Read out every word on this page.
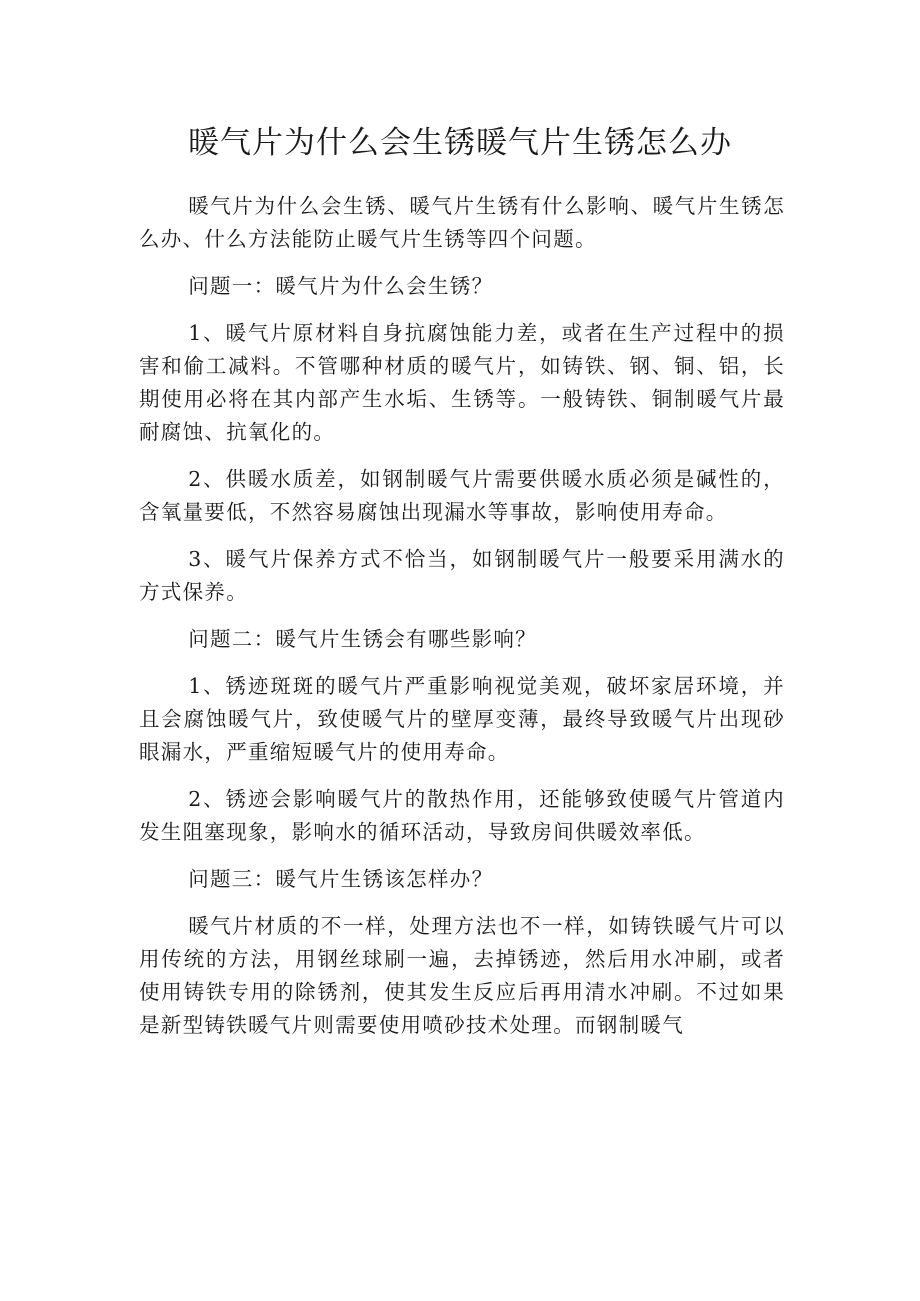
暖气片为什么会生锈暖气片生锈怎么办

暖气片为什么会生锈、暖气片生锈有什么影响、暖气片生锈怎么办、什么方法能防止暖气片生锈等四个问题。

问题一：暖气片为什么会生锈？

1、暖气片原材料自身抗腐蚀能力差，或者在生产过程中的损害和偷工减料。不管哪种材质的暖气片，如铸铁、钢、铜、铝，长期使用必将在其内部产生水垢、生锈等。一般铸铁、铜制暖气片最耐腐蚀、抗氧化的。

2、供暖水质差，如钢制暖气片需要供暖水质必须是碱性的，含氧量要低，不然容易腐蚀出现漏水等事故，影响使用寿命。

3、暖气片保养方式不恰当，如钢制暖气片一般要采用满水的方式保养。

问题二：暖气片生锈会有哪些影响？

1、锈迹斑斑的暖气片严重影响视觉美观，破坏家居环境，并且会腐蚀暖气片，致使暖气片的壁厚变薄，最终导致暖气片出现砂眼漏水，严重缩短暖气片的使用寿命。

2、锈迹会影响暖气片的散热作用，还能够致使暖气片管道内发生阻塞现象，影响水的循环活动，导致房间供暖效率低。

问题三：暖气片生锈该怎样办？

暖气片材质的不一样，处理方法也不一样，如铸铁暖气片可以用传统的方法，用钢丝球刷一遍，去掉锈迹，然后用水冲刷，或者使用铸铁专用的除锈剂，使其发生反应后再用清水冲刷。不过如果是新型铸铁暖气片则需要使用喷砂技术处理。而钢制暖气
